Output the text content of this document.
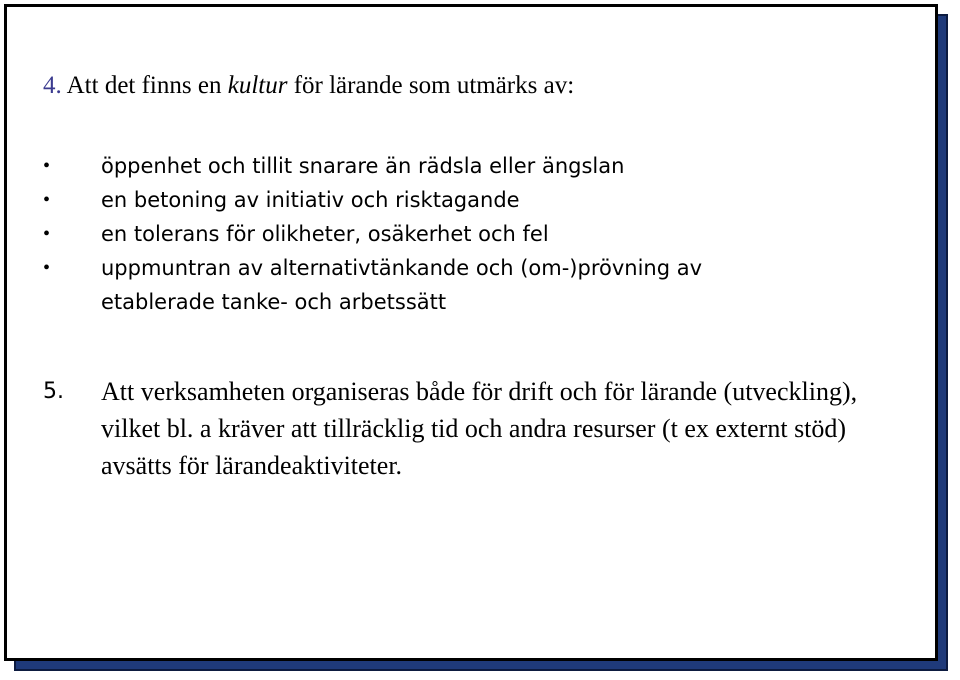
4. Att det finns en kultur för lärande som utmärks av:
•	öppenhet och tillit snarare än rädsla eller ängslan
•	en betoning av initiativ och risktagande
•	en tolerans för olikheter, osäkerhet och fel
•	uppmuntran av alternativtänkande och (om-)prövning av etablerade tanke- och arbetssätt
5.	Att verksamheten organiseras både för drift och för lärande (utveckling), vilket bl. a kräver att tillräcklig tid och andra resurser (t ex externt stöd) avsätts för lärandeaktiviteter.
